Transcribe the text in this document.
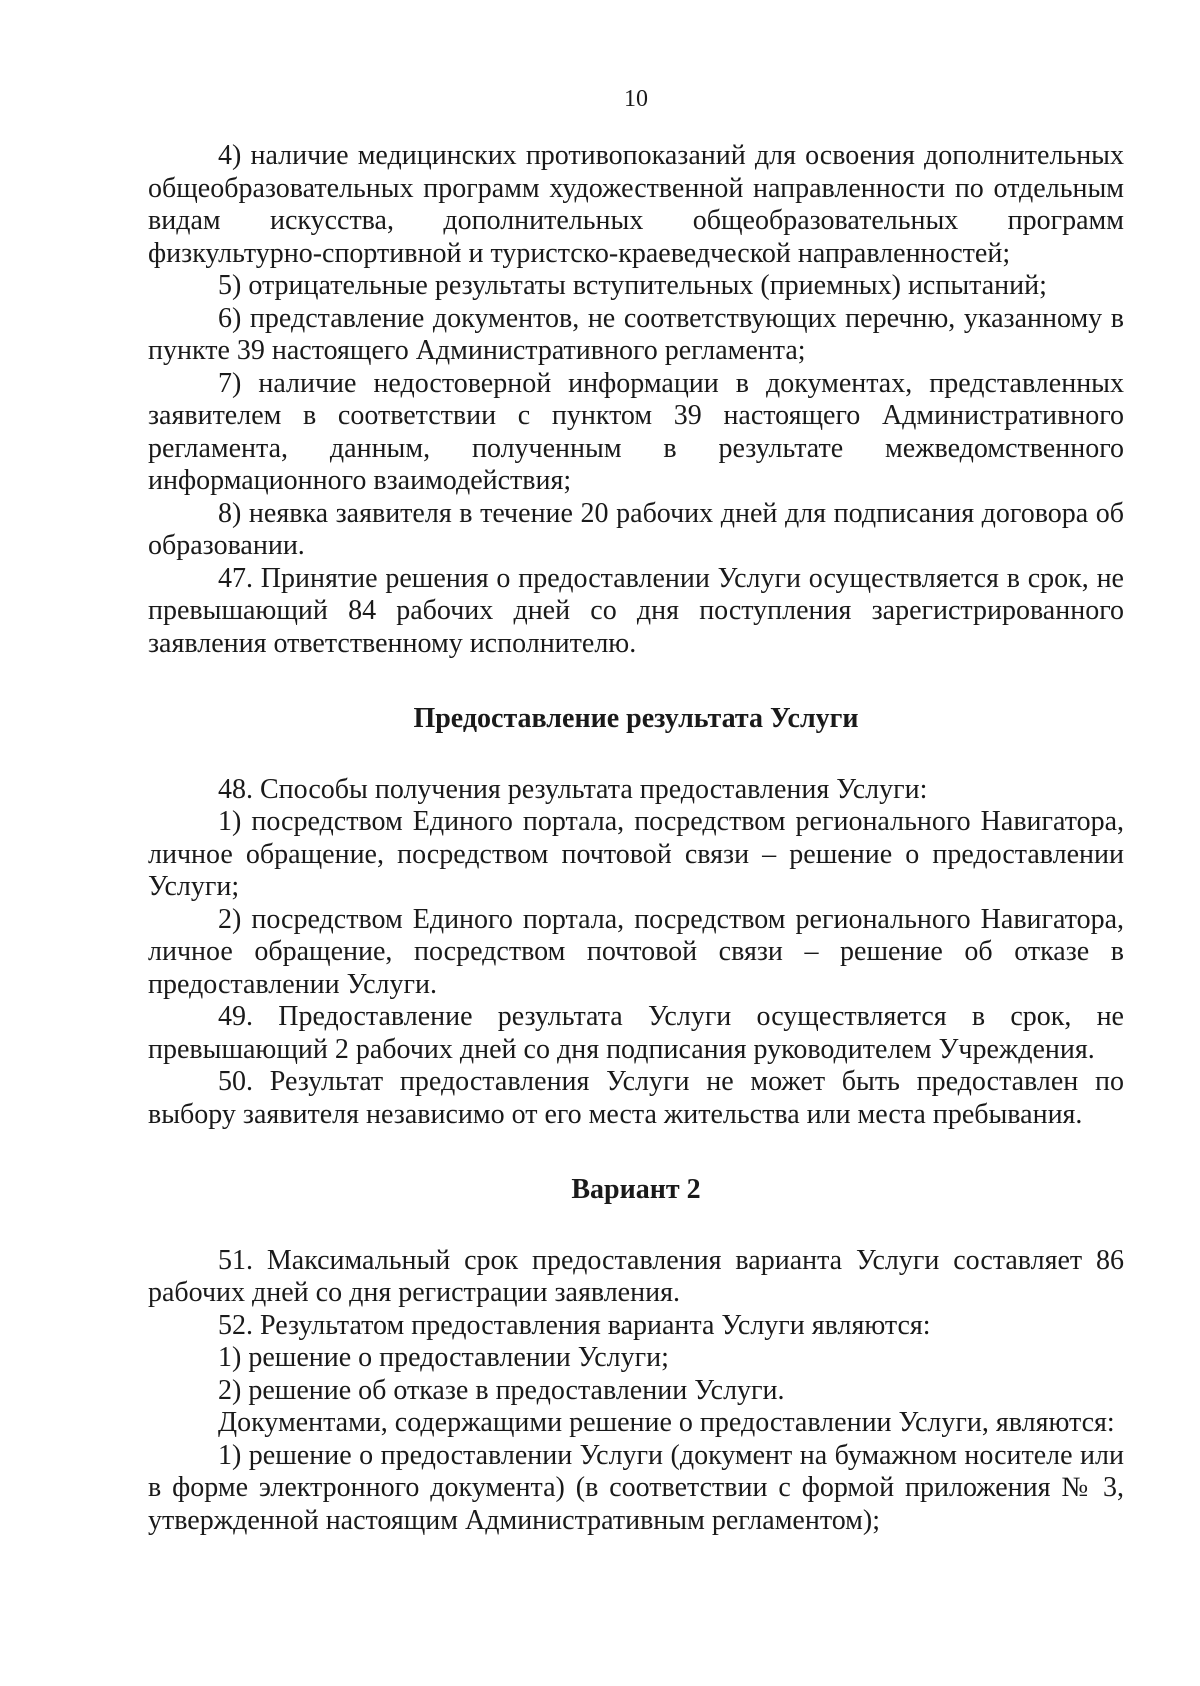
10

4) наличие медицинских противопоказаний для освоения дополнительных общеобразовательных программ художественной направленности по отдельным видам искусства, дополнительных общеобразовательных программ физкультурно-спортивной и туристско-краеведческой направленностей;

5) отрицательные результаты вступительных (приемных) испытаний;

6) представление документов, не соответствующих перечню, указанному в пункте 39 настоящего Административного регламента;

7) наличие недостоверной информации в документах, представленных заявителем в соответствии с пунктом 39 настоящего Административного регламента, данным, полученным в результате межведомственного информационного взаимодействия;

8) неявка заявителя в течение 20 рабочих дней для подписания договора об образовании.

47. Принятие решения о предоставлении Услуги осуществляется в срок, не превышающий 84 рабочих дней со дня поступления зарегистрированного заявления ответственному исполнителю.

Предоставление результата Услуги

48. Способы получения результата предоставления Услуги:

1) посредством Единого портала, посредством регионального Навигатора, личное обращение, посредством почтовой связи – решение о предоставлении Услуги;

2) посредством Единого портала, посредством регионального Навигатора, личное обращение, посредством почтовой связи – решение об отказе в предоставлении Услуги.

49. Предоставление результата Услуги осуществляется в срок, не превышающий 2 рабочих дней со дня подписания руководителем Учреждения.

50. Результат предоставления Услуги не может быть предоставлен по выбору заявителя независимо от его места жительства или места пребывания.

Вариант 2

51. Максимальный срок предоставления варианта Услуги составляет 86 рабочих дней со дня регистрации заявления.

52. Результатом предоставления варианта Услуги являются:

1) решение о предоставлении Услуги;

2) решение об отказе в предоставлении Услуги.

Документами, содержащими решение о предоставлении Услуги, являются:

1) решение о предоставлении Услуги (документ на бумажном носителе или в форме электронного документа) (в соответствии с формой приложения № 3, утвержденной настоящим Административным регламентом);
